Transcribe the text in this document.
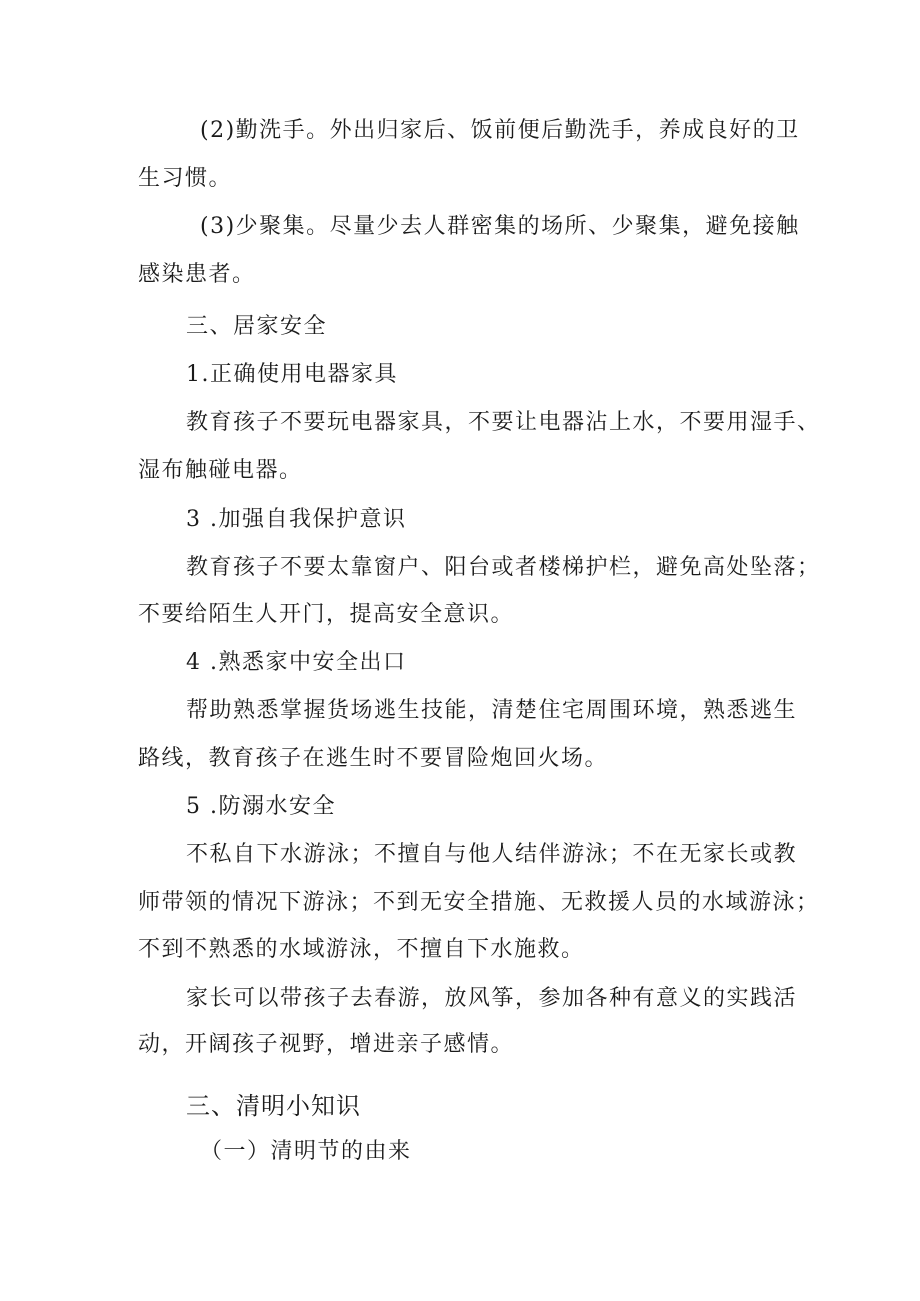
(2)勤洗手。外出归家后、饭前便后勤洗手，养成良好的卫
生习惯。
(3)少聚集。尽量少去人群密集的场所、少聚集，避免接触
感染患者。
三、居家安全
1.正确使用电器家具
教育孩子不要玩电器家具，不要让电器沾上水，不要用湿手、
湿布触碰电器。
3 .加强自我保护意识
教育孩子不要太靠窗户、阳台或者楼梯护栏，避免高处坠落；
不要给陌生人开门，提高安全意识。
4 .熟悉家中安全出口
帮助熟悉掌握货场逃生技能，清楚住宅周围环境，熟悉逃生
路线，教育孩子在逃生时不要冒险炮回火场。
5 .防溺水安全
不私自下水游泳；不擅自与他人结伴游泳；不在无家长或教
师带领的情况下游泳；不到无安全措施、无救援人员的水域游泳；
不到不熟悉的水域游泳，不擅自下水施救。
家长可以带孩子去春游，放风筝，参加各种有意义的实践活
动，开阔孩子视野，增进亲子感情。
三、清明小知识
（一）清明节的由来
